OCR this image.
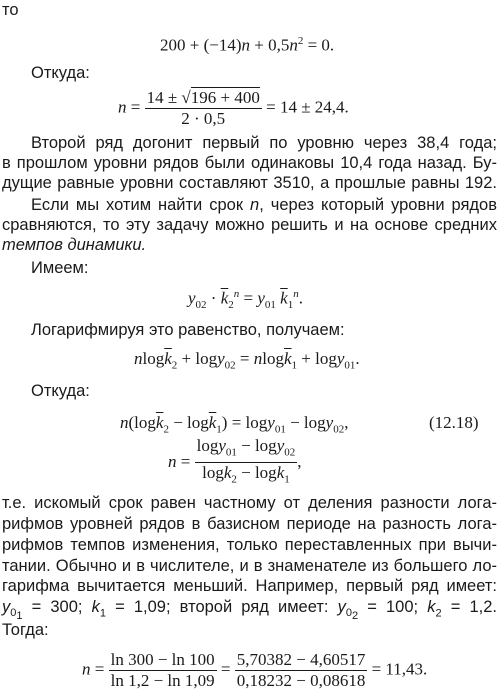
то
$200 + (-14)n + 0,5n^2 = 0$.
Откуда:
$n = \frac{14 \pm √196 + 400}{2 \cdot 0,5} = 14 \pm 24,4$.
Второй ряд догонит первый по уровню через 38,4 года;
в прошлом уровни рядов были одинаковы 10,4 года назад. Бу-
дущие равные уровни составляют 3510, а прошлые равны 192.
Если мы хотим найти срок n, через который уровни рядов
сравняются, то эту задачу можно решить и на основе средних
темпов динамики.
Имеем:
$y_{02} \cdot \overline{k}_2^n = y_{01}$ $\overline{k}_1^n$.
Логарифмируя это равенство, получаем:
$nlog\overline{k}_2 + \log y_{02} = nlog\overline{k}_1 + \log y_{01}$.
Откуда:
$n(\log\overline{k}_2 - \log\overline{k}_1) = \log y_{01} - \log y_{02}$,	(12.18)
$n = \frac{\log y_{01} - \log y_{02}}{\log\overline{k}_2 - \log\overline{k}_1}$ ,
т.е. искомый срок равен частному от деления разности лога-
рифмов уровней рядов в базисном периоде на разность лога-
рифмов темпов изменения, только переставленных при вычи-
тании. Обычно и в числителе, и в знаменателе из большего ло-
гарифма вычитается меньший. Например, первый ряд имеет:
$y_{0_1} = 300$; $k_1 = 1,09$; второй ряд имеет: $y_{0_2} = 100$; $k_2 = 1,2$.
Тогда:
$n = \frac{\ln 300 - \ln 100}{\ln 1,2 - \ln 1,09} = \frac{5,70382 - 4,60517}{0,18232 - 0,08618} = 11,43$.
